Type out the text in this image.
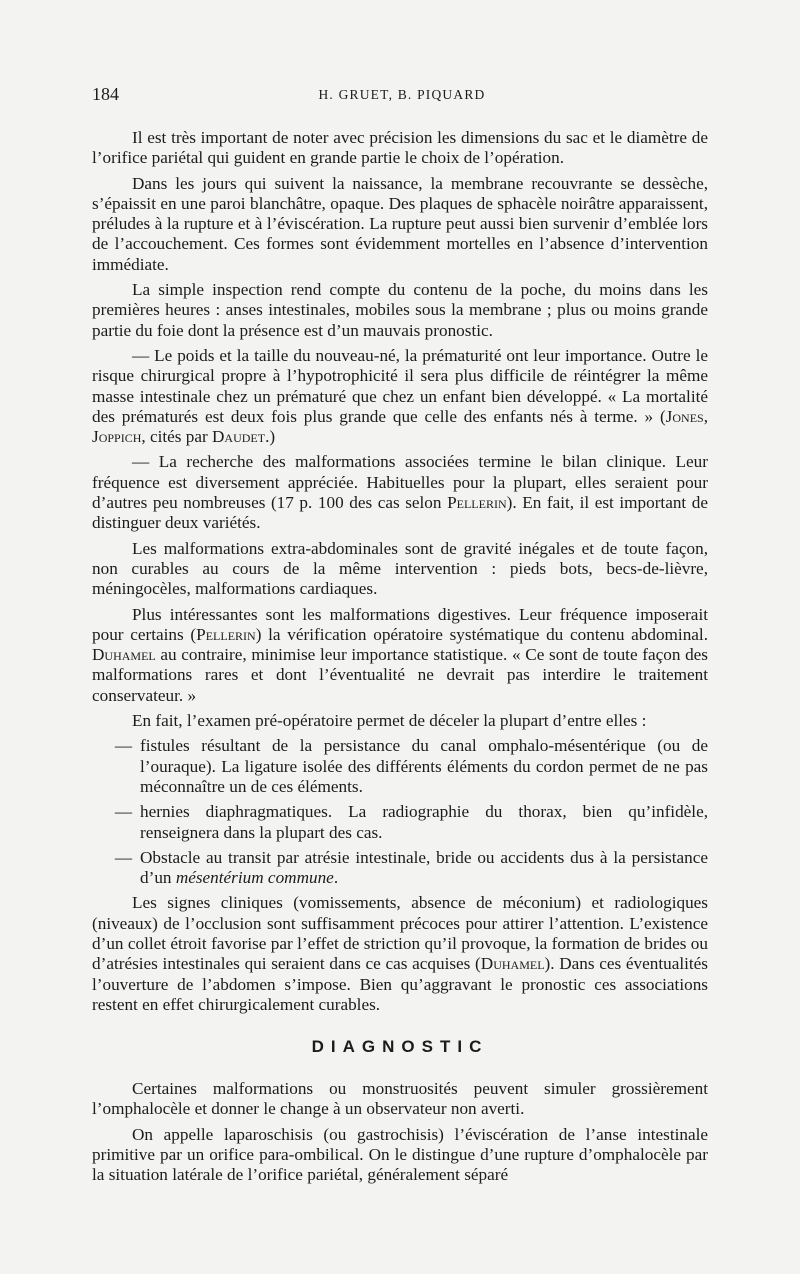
184	H. GRUET, B. PIQUARD

Il est très important de noter avec précision les dimensions du sac et le diamètre de l’orifice pariétal qui guident en grande partie le choix de l’opération.

Dans les jours qui suivent la naissance, la membrane recouvrante se dessèche, s’épaissit en une paroi blanchâtre, opaque. Des plaques de sphacèle noirâtre apparaissent, préludes à la rupture et à l’éviscération. La rupture peut aussi bien survenir d’emblée lors de l’accouchement. Ces formes sont évidemment mortelles en l’absence d’intervention immédiate.

La simple inspection rend compte du contenu de la poche, du moins dans les premières heures : anses intestinales, mobiles sous la membrane ; plus ou moins grande partie du foie dont la présence est d’un mauvais pronostic.

— Le poids et la taille du nouveau-né, la prématurité ont leur importance. Outre le risque chirurgical propre à l’hypotrophicité il sera plus difficile de réintégrer la même masse intestinale chez un prématuré que chez un enfant bien développé. « La mortalité des prématurés est deux fois plus grande que celle des enfants nés à terme. » (Jones, Joppich, cités par Daudet.)

— La recherche des malformations associées termine le bilan clinique. Leur fréquence est diversement appréciée. Habituelles pour la plupart, elles seraient pour d’autres peu nombreuses (17 p. 100 des cas selon Pellerin). En fait, il est important de distinguer deux variétés.

Les malformations extra-abdominales sont de gravité inégales et de toute façon, non curables au cours de la même intervention : pieds bots, becs-de-lièvre, méningocèles, malformations cardiaques.

Plus intéressantes sont les malformations digestives. Leur fréquence imposerait pour certains (Pellerin) la vérification opératoire systématique du contenu abdominal. Duhamel au contraire, minimise leur importance statistique. « Ce sont de toute façon des malformations rares et dont l’éventualité ne devrait pas interdire le traitement conservateur. »

En fait, l’examen pré-opératoire permet de déceler la plupart d’entre elles :

— fistules résultant de la persistance du canal omphalo-mésentérique (ou de l’ouraque). La ligature isolée des différents éléments du cordon permet de ne pas méconnaître un de ces éléments.
— hernies diaphragmatiques. La radiographie du thorax, bien qu’infidèle, renseignera dans la plupart des cas.
— Obstacle au transit par atrésie intestinale, bride ou accidents dus à la persistance d’un mésentérium commune.

Les signes cliniques (vomissements, absence de méconium) et radiologiques (niveaux) de l’occlusion sont suffisamment précoces pour attirer l’attention. L’existence d’un collet étroit favorise par l’effet de striction qu’il provoque, la formation de brides ou d’atrésies intestinales qui seraient dans ce cas acquises (Duhamel). Dans ces éventualités l’ouverture de l’abdomen s’impose. Bien qu’aggravant le pronostic ces associations restent en effet chirurgicalement curables.

DIAGNOSTIC

Certaines malformations ou monstruosités peuvent simuler grossièrement l’omphalocèle et donner le change à un observateur non averti.

On appelle laparoschisis (ou gastrochisis) l’éviscération de l’anse intestinale primitive par un orifice para-ombilical. On le distingue d’une rupture d’omphalocèle par la situation latérale de l’orifice pariétal, généralement séparé
